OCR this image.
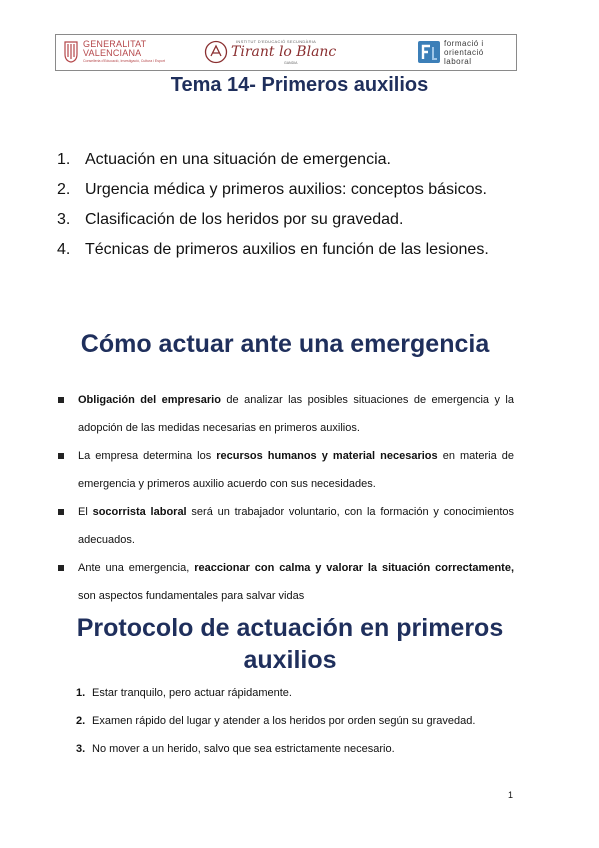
GENERALITAT
VALENCIANA
Conselleria d'Educació, Investigació, Cultura i Esport
INSTITUT D'EDUCACIÓ SECUNDÀRIA
Tirant lo Blanc
GANDIA
formació i
orientació
laboral
Tema 14- Primeros auxilios
1. Actuación en una situación de emergencia.
2. Urgencia médica y primeros auxilios: conceptos básicos.
3. Clasificación de los heridos por su gravedad.
4. Técnicas de primeros auxilios en función de las lesiones.
Cómo actuar ante una emergencia
Obligación del empresario de analizar las posibles situaciones de emergencia y la adopción de las medidas necesarias en primeros auxilios.
La empresa determina los recursos humanos y material necesarios en materia de emergencia y primeros auxilio acuerdo con sus necesidades.
El socorrista laboral será un trabajador voluntario, con la formación y conocimientos adecuados.
Ante una emergencia, reaccionar con calma y valorar la situación correctamente, son aspectos fundamentales para salvar vidas
Protocolo de actuación en primeros auxilios
1. Estar tranquilo, pero actuar rápidamente.
2. Examen rápido del lugar y atender a los heridos por orden según su gravedad.
3. No mover a un herido, salvo que sea estrictamente necesario.
1
